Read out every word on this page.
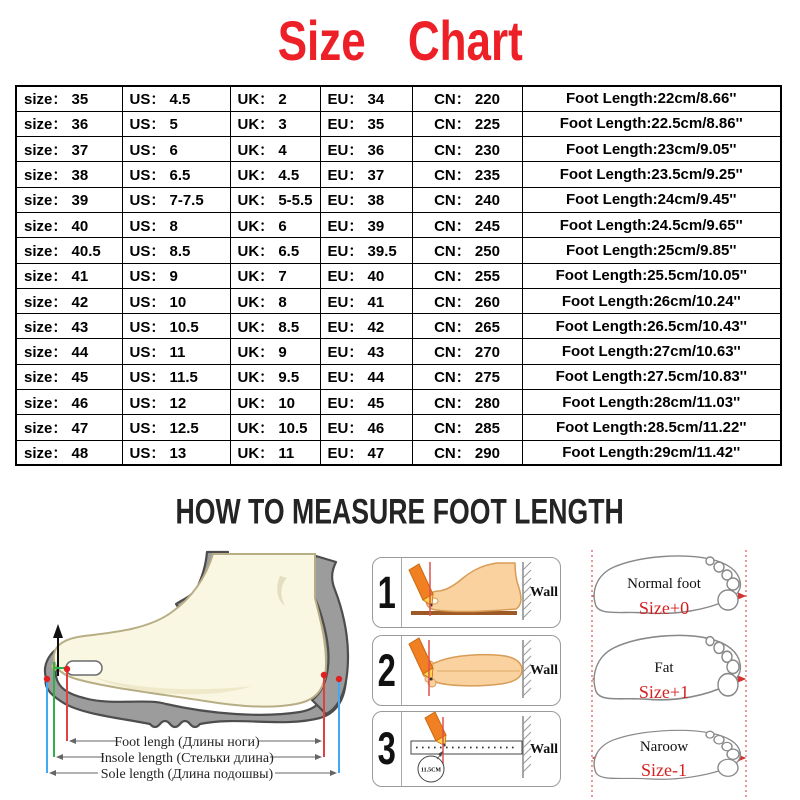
Size Chart
size： 35	US： 4.5	UK： 2	EU： 34	CN： 220	Foot Length:22cm/8.66''
size： 36	US： 5	UK： 3	EU： 35	CN： 225	Foot Length:22.5cm/8.86''
size： 37	US： 6	UK： 4	EU： 36	CN： 230	Foot Length:23cm/9.05''
size： 38	US： 6.5	UK： 4.5	EU： 37	CN： 235	Foot Length:23.5cm/9.25''
size： 39	US： 7-7.5	UK： 5-5.5	EU： 38	CN： 240	Foot Length:24cm/9.45''
size： 40	US： 8	UK： 6	EU： 39	CN： 245	Foot Length:24.5cm/9.65''
size： 40.5	US： 8.5	UK： 6.5	EU： 39.5	CN： 250	Foot Length:25cm/9.85''
size： 41	US： 9	UK： 7	EU： 40	CN： 255	Foot Length:25.5cm/10.05''
size： 42	US： 10	UK： 8	EU： 41	CN： 260	Foot Length:26cm/10.24''
size： 43	US： 10.5	UK： 8.5	EU： 42	CN： 265	Foot Length:26.5cm/10.43''
size： 44	US： 11	UK： 9	EU： 43	CN： 270	Foot Length:27cm/10.63''
size： 45	US： 11.5	UK： 9.5	EU： 44	CN： 275	Foot Length:27.5cm/10.83''
size： 46	US： 12	UK： 10	EU： 45	CN： 280	Foot Length:28cm/11.03''
size： 47	US： 12.5	UK： 10.5	EU： 46	CN： 285	Foot Length:28.5cm/11.22''
size： 48	US： 13	UK： 11	EU： 47	CN： 290	Foot Length:29cm/11.42''
HOW TO MEASURE FOOT LENGTH
Foot lengh (Длины ноги)
Insole length (Стельки длина)
Sole length (Длина подошвы)
1	Wall
2	Wall
3	11.5CM
Wall
Normal foot
Size+0
Fat
Size+1
Naroow
Size-1
